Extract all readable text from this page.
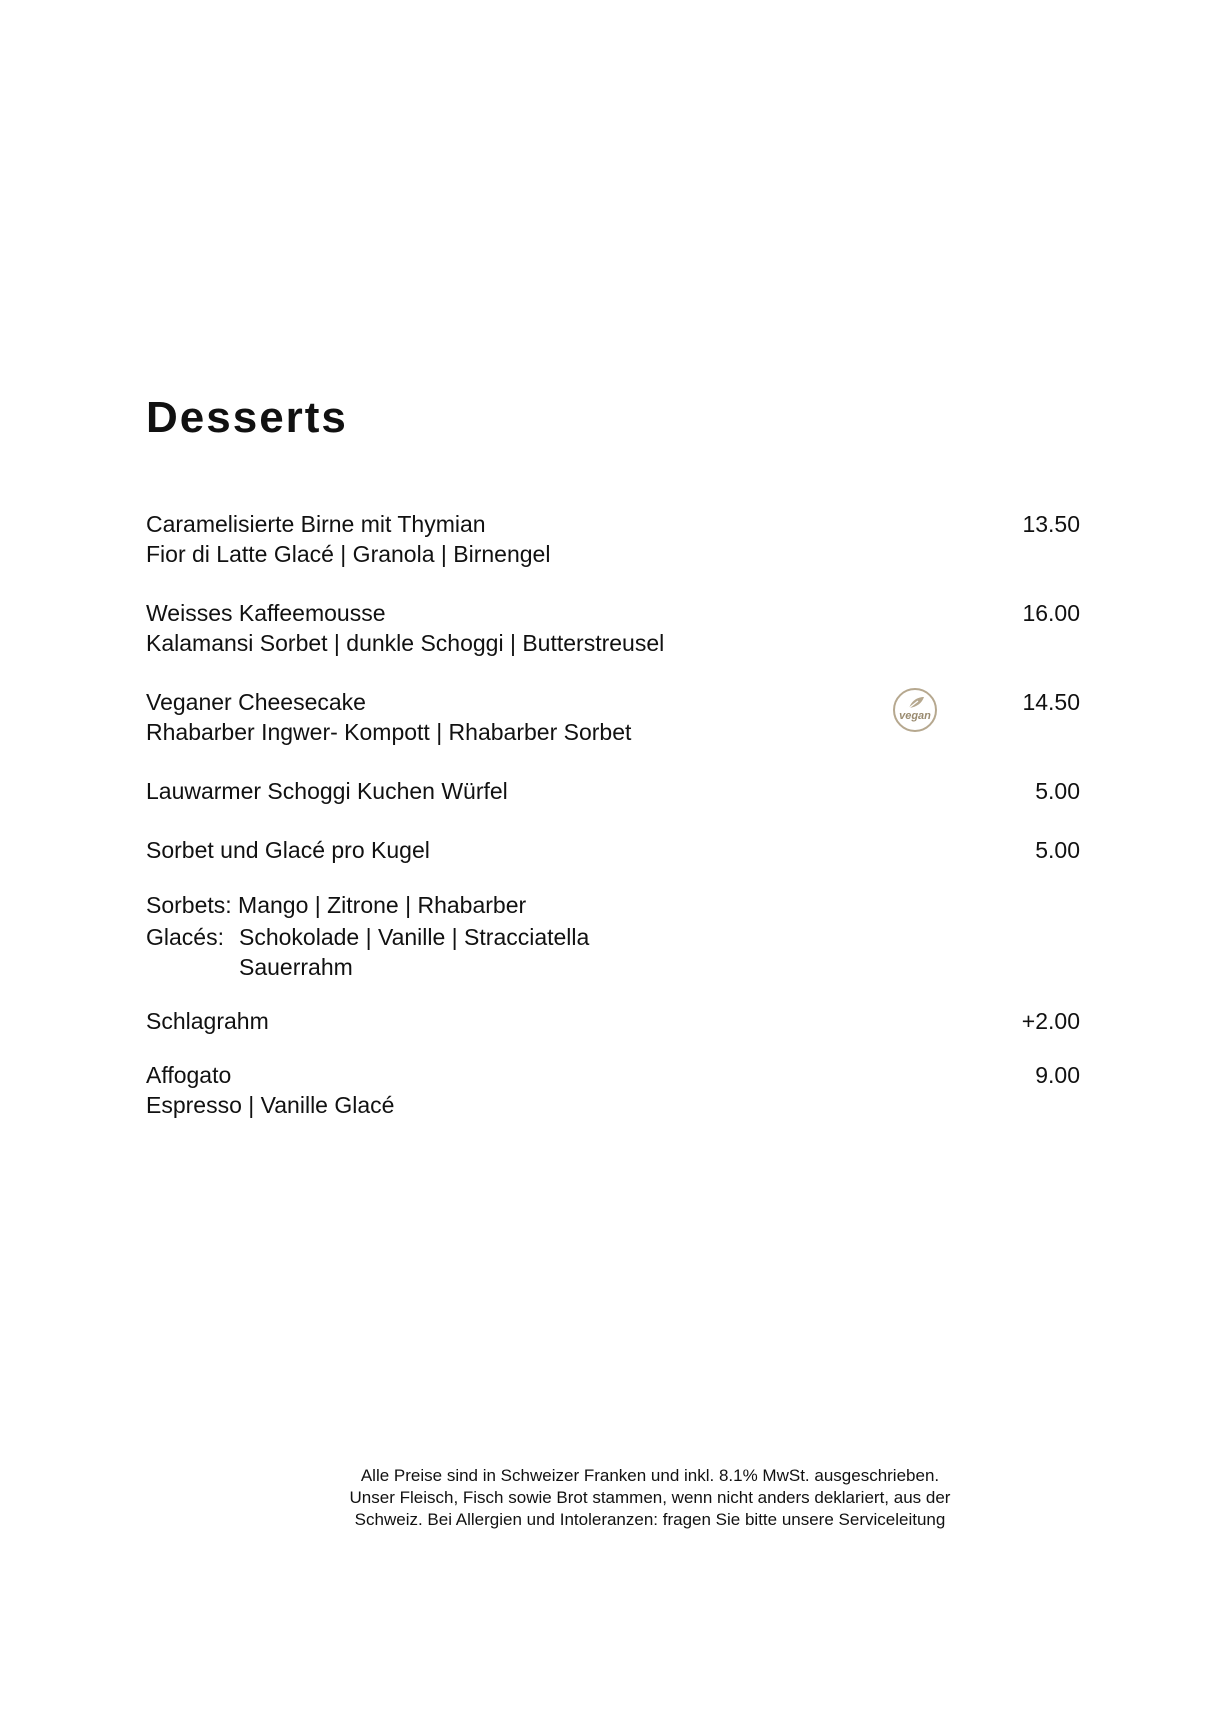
Desserts
Caramelisierte Birne mit Thymian	13.50
Fior di Latte Glacé | Granola | Birnengel
Weisses Kaffeemousse	16.00
Kalamansi Sorbet | dunkle Schoggi | Butterstreusel
Veganer Cheesecake	14.50
Rhabarber Ingwer- Kompott | Rhabarber Sorbet
vegan
Lauwarmer Schoggi Kuchen Würfel	5.00
Sorbet und Glacé pro Kugel	5.00
Sorbets: Mango | Zitrone | Rhabarber
Glacés: Schokolade | Vanille | Stracciatella
Sauerrahm
Schlagrahm	+2.00
Affogato	9.00
Espresso | Vanille Glacé
Alle Preise sind in Schweizer Franken und inkl. 8.1% MwSt. ausgeschrieben.
Unser Fleisch, Fisch sowie Brot stammen, wenn nicht anders deklariert, aus der
Schweiz. Bei Allergien und Intoleranzen: fragen Sie bitte unsere Serviceleitung
